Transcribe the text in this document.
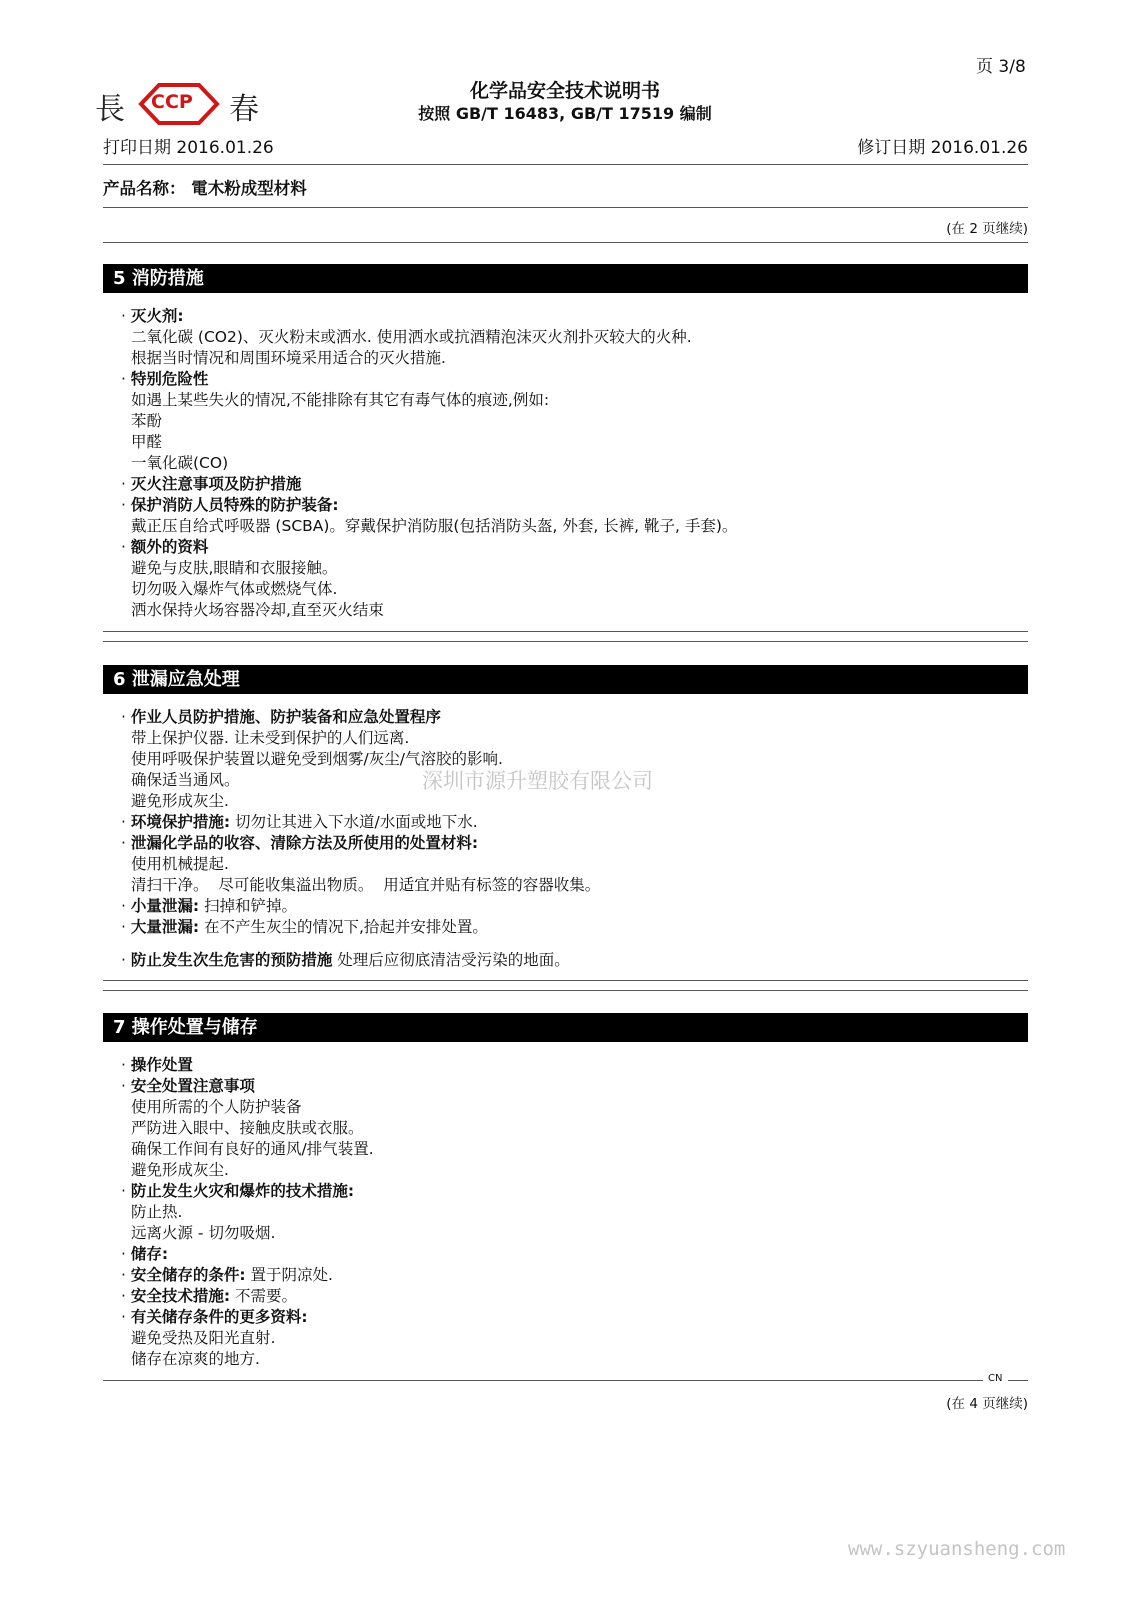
页 3/8
長 CCP 春
化学品安全技术说明书
按照 GB/T 16483, GB/T 17519 编制
打印日期 2016.01.26	修订日期 2016.01.26
产品名称： 電木粉成型材料
(在 2 页继续)
5 消防措施
· 灭火剂:
二氧化碳 (CO2)、灭火粉末或洒水. 使用洒水或抗酒精泡沫灭火剂扑灭较大的火种.
根据当时情况和周围环境采用适合的灭火措施.
· 特别危险性
如遇上某些失火的情况,不能排除有其它有毒气体的痕迹,例如:
苯酚
甲醛
一氧化碳(CO)
· 灭火注意事项及防护措施
· 保护消防人员特殊的防护装备:
戴正压自给式呼吸器 (SCBA)。穿戴保护消防服(包括消防头盔, 外套, 长裤, 靴子, 手套)。
· 额外的资料
避免与皮肤,眼睛和衣服接触。
切勿吸入爆炸气体或燃烧气体.
洒水保持火场容器冷却,直至灭火结束
6 泄漏应急处理
· 作业人员防护措施、防护装备和应急处置程序
带上保护仪器. 让未受到保护的人们远离.
使用呼吸保护装置以避免受到烟雾/灰尘/气溶胶的影响.
确保适当通风。
避免形成灰尘.
· 环境保护措施: 切勿让其进入下水道/水面或地下水.
· 泄漏化学品的收容、清除方法及所使用的处置材料:
使用机械提起.
清扫干净。  尽可能收集溢出物质。  用适宜并贴有标签的容器收集。
· 小量泄漏: 扫掉和铲掉。
· 大量泄漏: 在不产生灰尘的情况下,拾起并安排处置。
· 防止发生次生危害的预防措施 处理后应彻底清洁受污染的地面。
7 操作处置与储存
· 操作处置
· 安全处置注意事项
使用所需的个人防护装备
严防进入眼中、接触皮肤或衣服。
确保工作间有良好的通风/排气装置.
避免形成灰尘.
· 防止发生火灾和爆炸的技术措施:
防止热.
远离火源 - 切勿吸烟.
· 储存:
· 安全储存的条件: 置于阴凉处.
· 安全技术措施: 不需要。
· 有关储存条件的更多资料:
避免受热及阳光直射.
储存在凉爽的地方.
CN
(在 4 页继续)
深圳市源升塑胶有限公司
www.szyuansheng.com
